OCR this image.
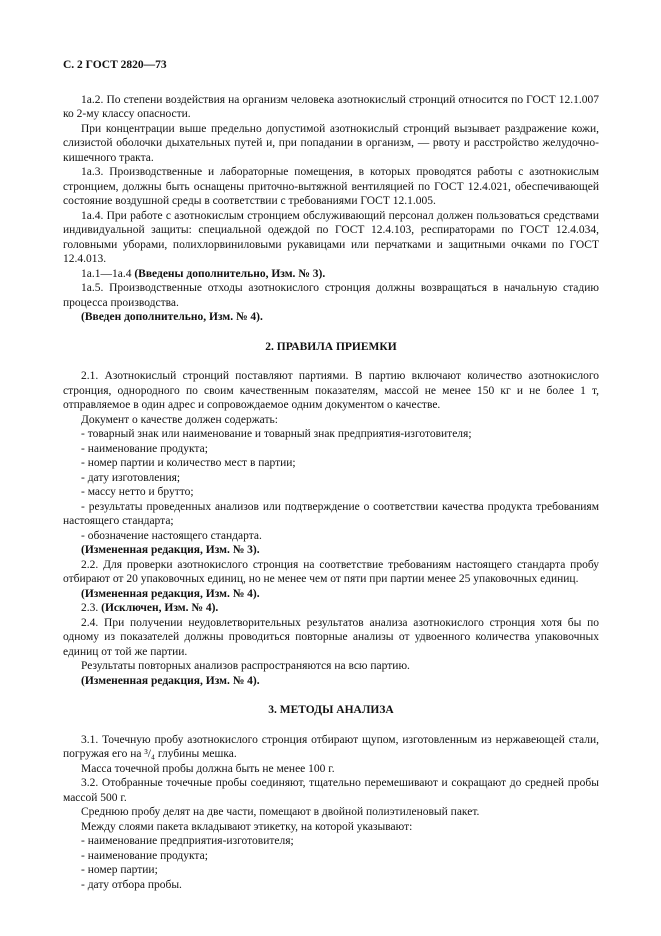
С. 2 ГОСТ 2820—73

1а.2. По степени воздействия на организм человека азотнокислый стронций относится по ГОСТ 12.1.007 ко 2-му классу опасности.

При концентрации выше предельно допустимой азотнокислый стронций вызывает раздражение кожи, слизистой оболочки дыхательных путей и, при попадании в организм, — рвоту и расстройство желудочно-кишечного тракта.

1а.3. Производственные и лабораторные помещения, в которых проводятся работы с азотнокислым стронцием, должны быть оснащены приточно-вытяжной вентиляцией по ГОСТ 12.4.021, обеспечивающей состояние воздушной среды в соответствии с требованиями ГОСТ 12.1.005.

1а.4. При работе с азотнокислым стронцием обслуживающий персонал должен пользоваться средствами индивидуальной защиты: специальной одеждой по ГОСТ 12.4.103, респираторами по ГОСТ 12.4.034, головными уборами, полихлорвиниловыми рукавицами или перчатками и защитными очками по ГОСТ 12.4.013.

1а.1—1а.4 (Введены дополнительно, Изм. № 3).

1а.5. Производственные отходы азотнокислого стронция должны возвращаться в начальную стадию процесса производства.

(Введен дополнительно, Изм. № 4).

2. ПРАВИЛА ПРИЕМКИ

2.1. Азотнокислый стронций поставляют партиями. В партию включают количество азотнокислого стронция, однородного по своим качественным показателям, массой не менее 150 кг и не более 1 т, отправляемое в один адрес и сопровождаемое одним документом о качестве.

Документ о качестве должен содержать:

- товарный знак или наименование и товарный знак предприятия-изготовителя;

- наименование продукта;

- номер партии и количество мест в партии;

- дату изготовления;

- массу нетто и брутто;

- результаты проведенных анализов или подтверждение о соответствии качества продукта требованиям настоящего стандарта;

- обозначение настоящего стандарта.

(Измененная редакция, Изм. № 3).

2.2. Для проверки азотнокислого стронция на соответствие требованиям настоящего стандарта пробу отбирают от 20 упаковочных единиц, но не менее чем от пяти при партии менее 25 упаковочных единиц.

(Измененная редакция, Изм. № 4).

2.3. (Исключен, Изм. № 4).

2.4. При получении неудовлетворительных результатов анализа азотнокислого стронция хотя бы по одному из показателей должны проводиться повторные анализы от удвоенного количества упаковочных единиц от той же партии.

Результаты повторных анализов распространяются на всю партию.

(Измененная редакция, Изм. № 4).

3. МЕТОДЫ АНАЛИЗА

3.1. Точечную пробу азотнокислого стронция отбирают щупом, изготовленным из нержавеющей стали, погружая его на ³/₄ глубины мешка.

Масса точечной пробы должна быть не менее 100 г.

3.2. Отобранные точечные пробы соединяют, тщательно перемешивают и сокращают до средней пробы массой 500 г.

Среднюю пробу делят на две части, помещают в двойной полиэтиленовый пакет.

Между слоями пакета вкладывают этикетку, на которой указывают:

- наименование предприятия-изготовителя;

- наименование продукта;

- номер партии;

- дату отбора пробы.
